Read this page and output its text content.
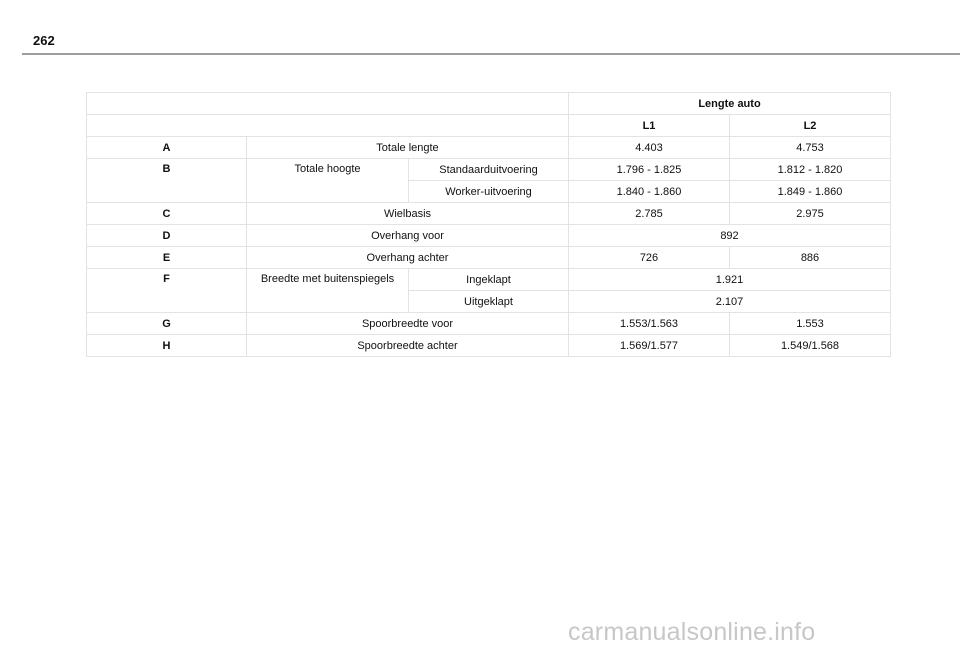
262
			Lengte auto	
			L1	L2
A	Totale lengte		4.403	4.753
B	Totale hoogte	Standaarduitvoering	1.796 - 1.825	1.812 - 1.820
		Worker-uitvoering	1.840 - 1.860	1.849 - 1.860
C	Wielbasis		2.785	2.975
D	Overhang voor		892	
E	Overhang achter		726	886
F	Breedte met buitenspiegels	Ingeklapt	1.921	
		Uitgeklapt	2.107	
G	Spoorbreedte voor		1.553/1.563	1.553
H	Spoorbreedte achter		1.569/1.577	1.549/1.568
carmanualsonline.info
